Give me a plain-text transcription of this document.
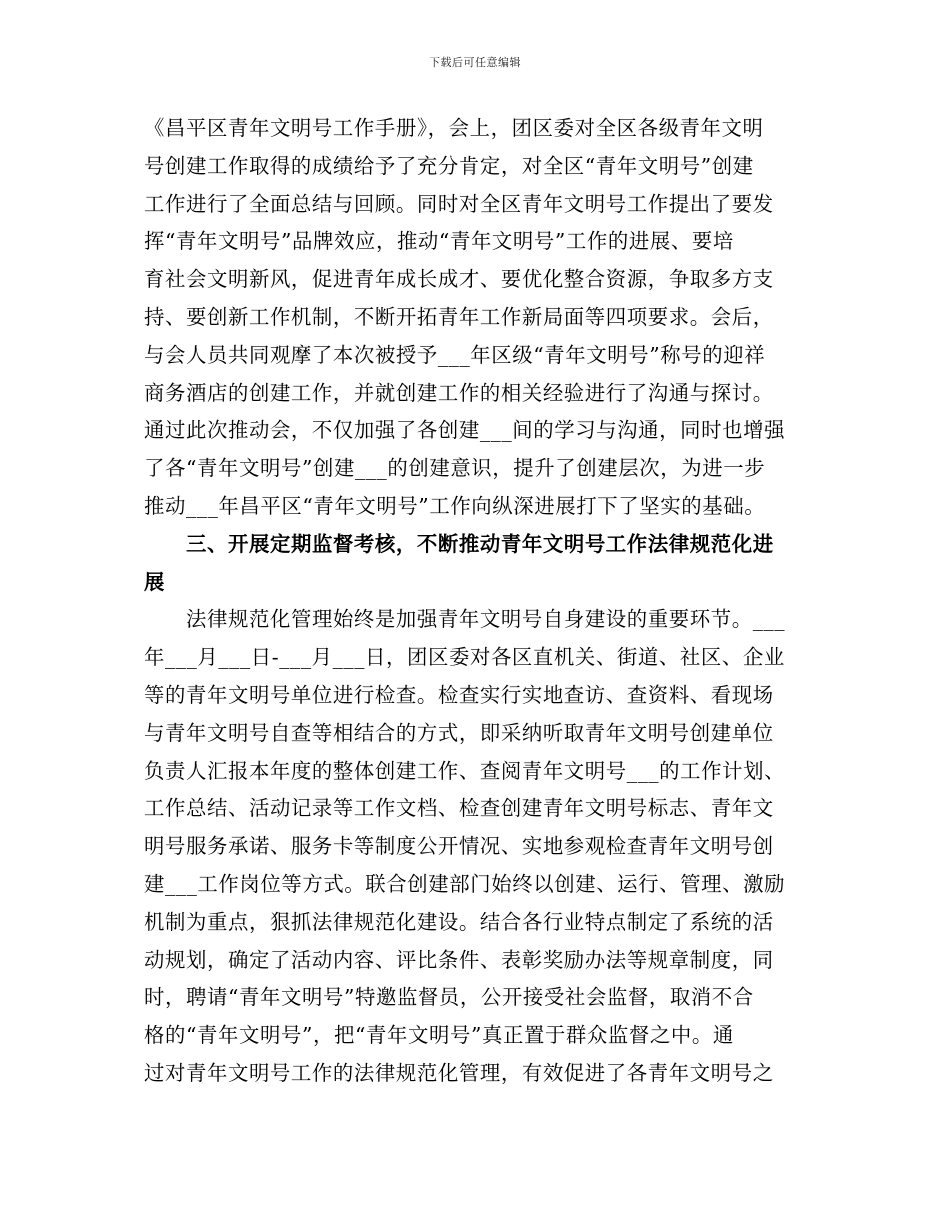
下载后可任意编辑
《昌平区青年文明号工作手册》，会上，团区委对全区各级青年文明
号创建工作取得的成绩给予了充分肯定，对全区“青年文明号”创建
工作进行了全面总结与回顾。同时对全区青年文明号工作提出了要发
挥“青年文明号”品牌效应，推动“青年文明号”工作的进展、要培
育社会文明新风，促进青年成长成才、要优化整合资源，争取多方支
持、要创新工作机制，不断开拓青年工作新局面等四项要求。会后，
与会人员共同观摩了本次被授予___年区级“青年文明号”称号的迎祥
商务酒店的创建工作，并就创建工作的相关经验进行了沟通与探讨。
通过此次推动会，不仅加强了各创建___间的学习与沟通，同时也增强
了各“青年文明号”创建___的创建意识，提升了创建层次，为进一步
推动___年昌平区“青年文明号”工作向纵深进展打下了坚实的基础。
三、开展定期监督考核，不断推动青年文明号工作法律规范化进
展
法律规范化管理始终是加强青年文明号自身建设的重要环节。___
年___月___日-___月___日，团区委对各区直机关、街道、社区、企业
等的青年文明号单位进行检查。检查实行实地查访、查资料、看现场
与青年文明号自查等相结合的方式，即采纳听取青年文明号创建单位
负责人汇报本年度的整体创建工作、查阅青年文明号___的工作计划、
工作总结、活动记录等工作文档、检查创建青年文明号标志、青年文
明号服务承诺、服务卡等制度公开情况、实地参观检查青年文明号创
建___工作岗位等方式。联合创建部门始终以创建、运行、管理、激励
机制为重点，狠抓法律规范化建设。结合各行业特点制定了系统的活
动规划，确定了活动内容、评比条件、表彰奖励办法等规章制度，同
时，聘请“青年文明号”特邀监督员，公开接受社会监督，取消不合
格的“青年文明号”，把“青年文明号”真正置于群众监督之中。通
过对青年文明号工作的法律规范化管理，有效促进了各青年文明号之
